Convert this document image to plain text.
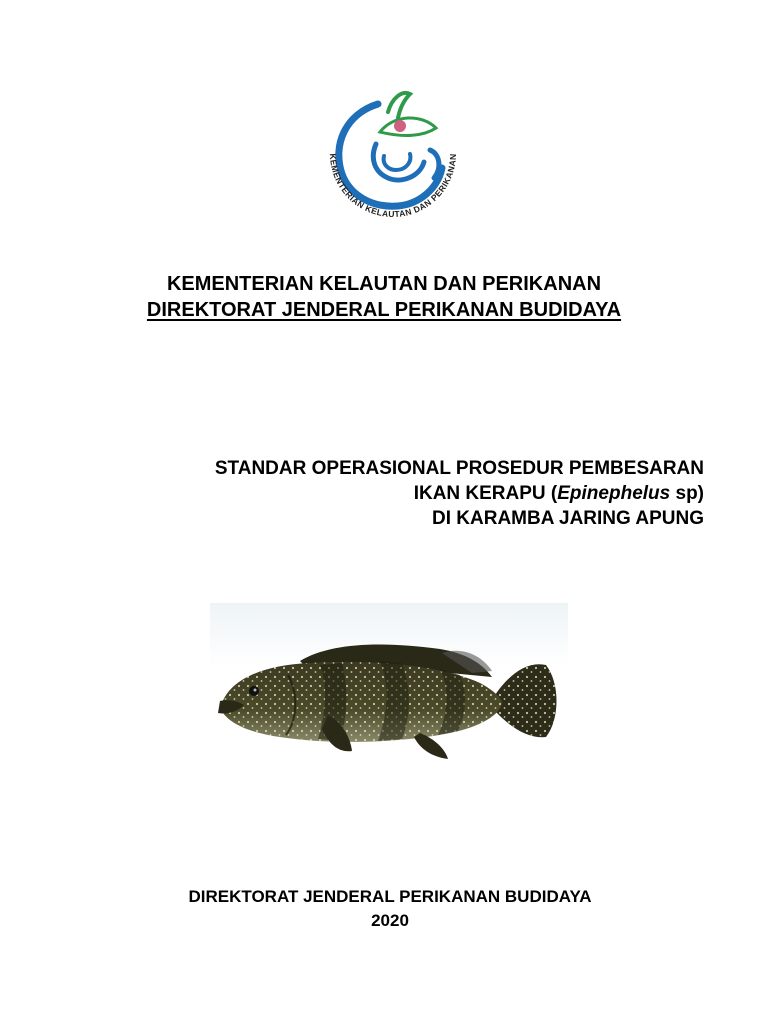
KEMENTERIAN KELAUTAN DAN PERIKANAN
KEMENTERIAN KELAUTAN DAN PERIKANAN
DIREKTORAT JENDERAL PERIKANAN BUDIDAYA
STANDAR OPERASIONAL PROSEDUR PEMBESARAN
IKAN KERAPU (Epinephelus sp)
DI KARAMBA JARING APUNG
DIREKTORAT JENDERAL PERIKANAN BUDIDAYA
2020
